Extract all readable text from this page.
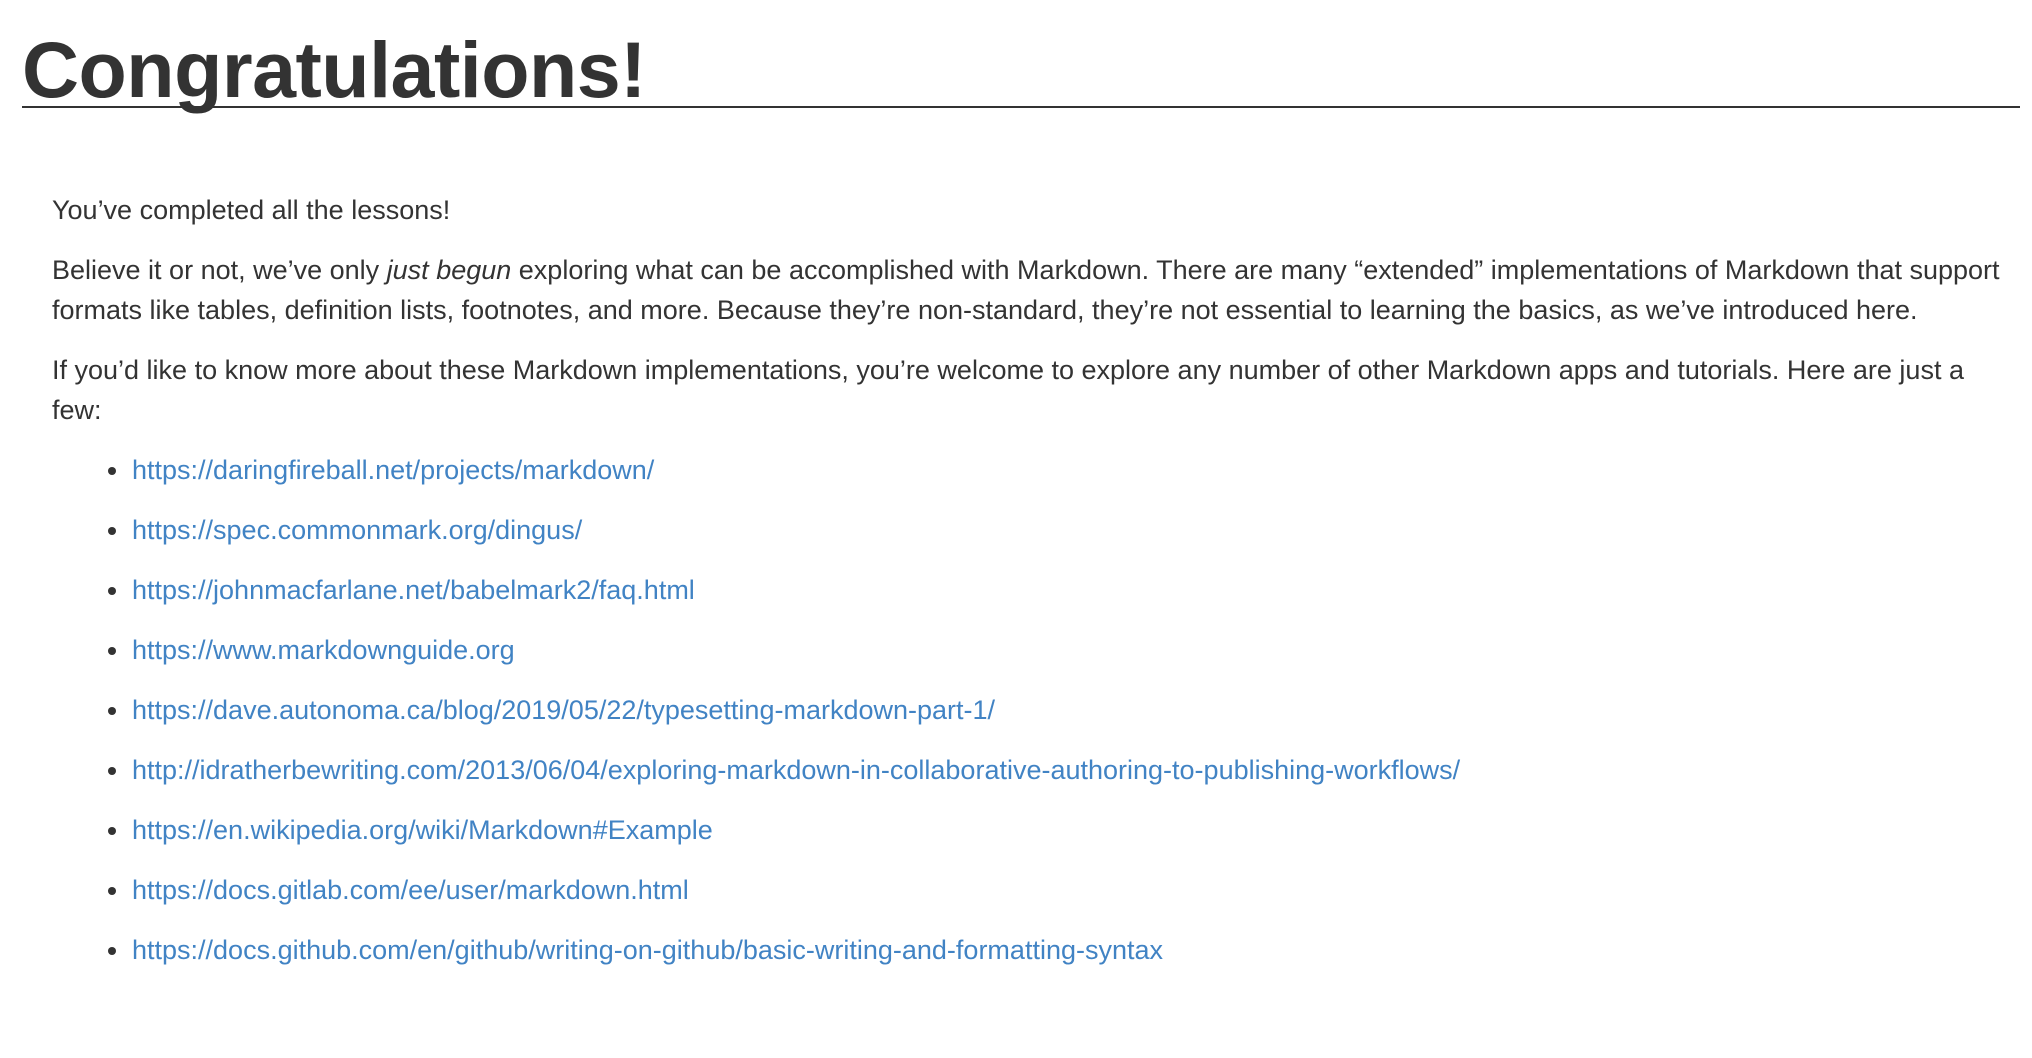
Congratulations!

You’ve completed all the lessons!

Believe it or not, we’ve only just begun exploring what can be accomplished with Markdown. There are many “extended” implementations of Markdown that support formats like tables, definition lists, footnotes, and more. Because they’re non-standard, they’re not essential to learning the basics, as we’ve introduced here.

If you’d like to know more about these Markdown implementations, you’re welcome to explore any number of other Markdown apps and tutorials. Here are just a few:

https://daringfireball.net/projects/markdown/
https://spec.commonmark.org/dingus/
https://johnmacfarlane.net/babelmark2/faq.html
https://www.markdownguide.org
https://dave.autonoma.ca/blog/2019/05/22/typesetting-markdown-part-1/
http://idratherbewriting.com/2013/06/04/exploring-markdown-in-collaborative-authoring-to-publishing-workflows/
https://en.wikipedia.org/wiki/Markdown#Example
https://docs.gitlab.com/ee/user/markdown.html
https://docs.github.com/en/github/writing-on-github/basic-writing-and-formatting-syntax
